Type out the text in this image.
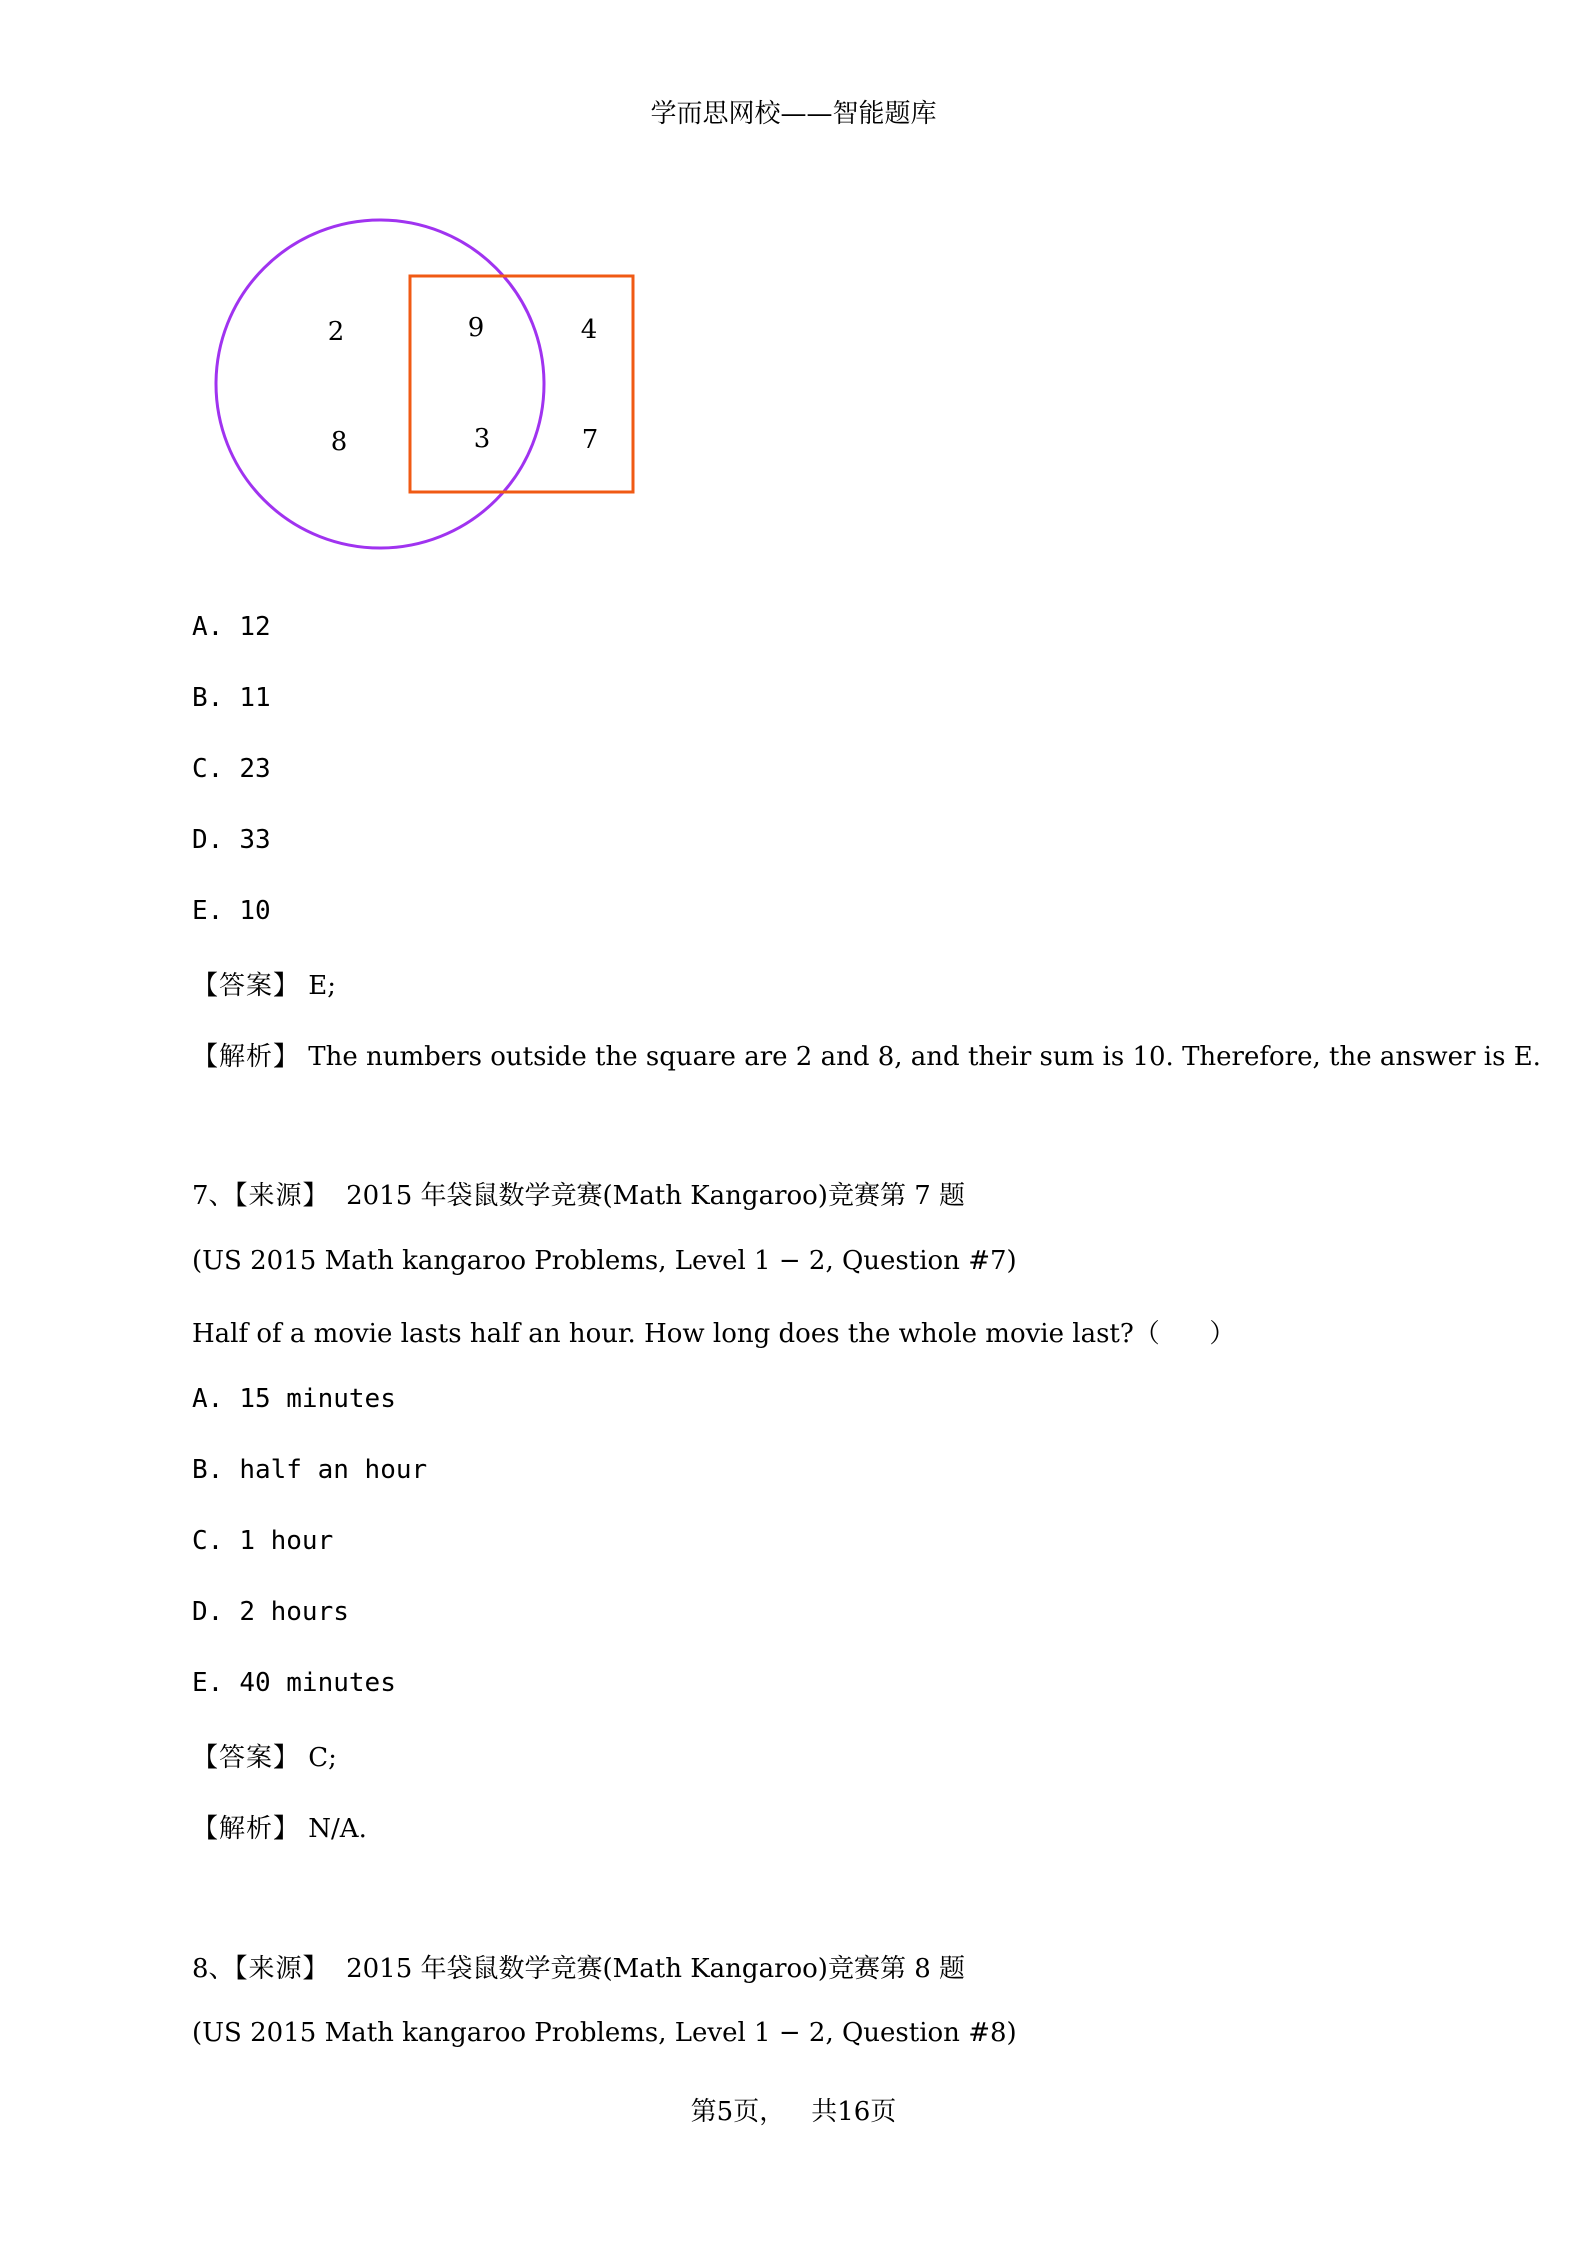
学而思网校——智能题库
2	9	4
8	3	7
A. 12
B. 11
C. 23
D. 33
E. 10
【答案】 E;
【解析】 The numbers outside the square are 2 and 8, and their sum is 10. Therefore, the answer is E.
7、【来源】 2015 年袋鼠数学竞赛(Math Kangaroo)竞赛第 7 题
(US 2015 Math kangaroo Problems, Level 1 − 2, Question #7)
Half of a movie lasts half an hour. How long does the whole movie last?（      ）
A. 15 minutes
B. half an hour
C. 1 hour
D. 2 hours
E. 40 minutes
【答案】 C;
【解析】 N/A.
8、【来源】 2015 年袋鼠数学竞赛(Math Kangaroo)竞赛第 8 题
(US 2015 Math kangaroo Problems, Level 1 − 2, Question #8)
第5页， 共16页
